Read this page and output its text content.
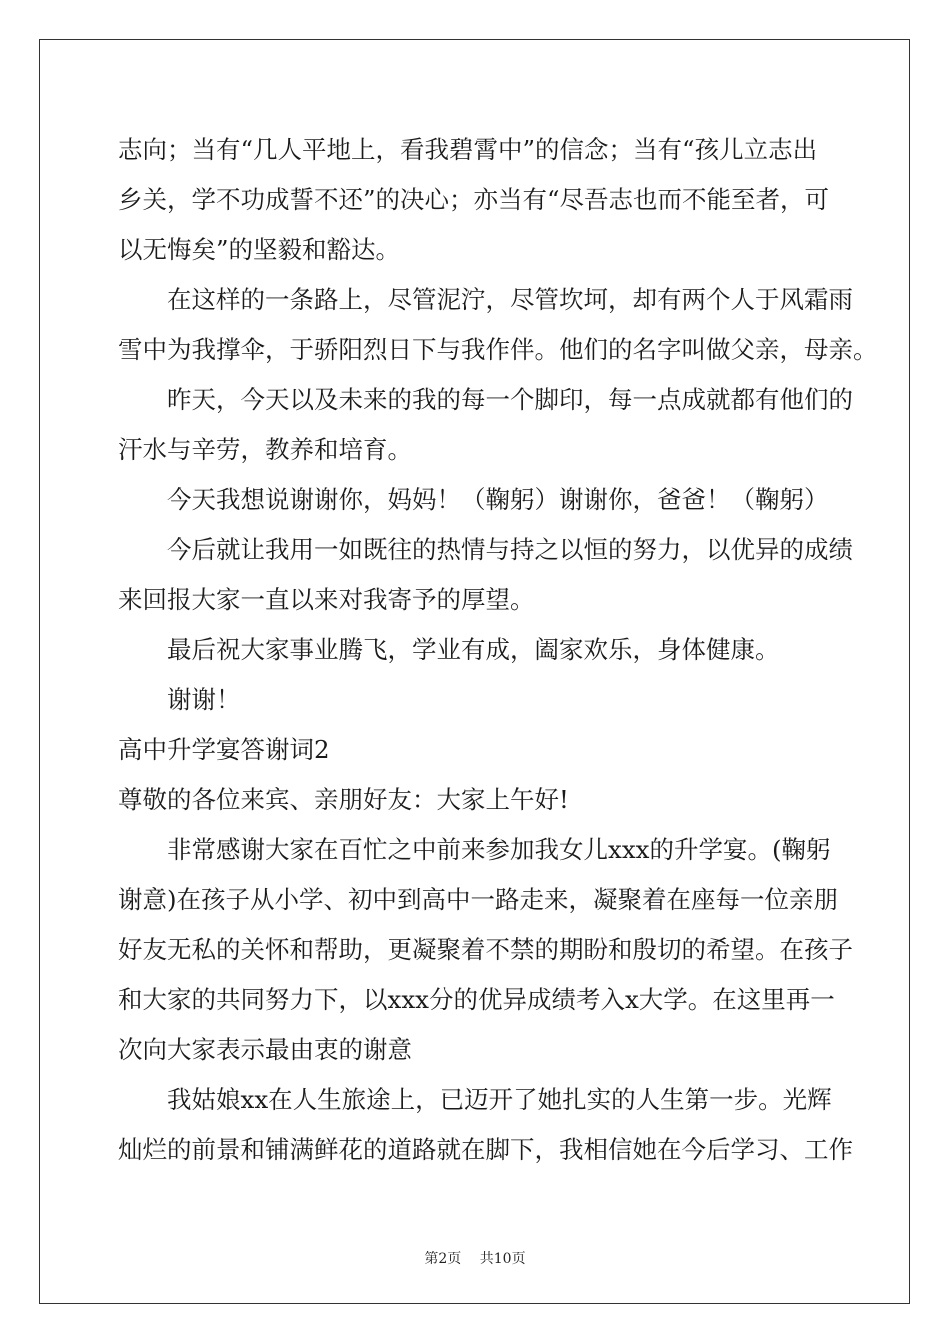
志向；当有“几人平地上，看我碧霄中”的信念；当有“孩儿立志出
乡关，学不功成誓不还”的决心；亦当有“尽吾志也而不能至者，可
以无悔矣”的坚毅和豁达。
在这样的一条路上，尽管泥泞，尽管坎坷，却有两个人于风霜雨
雪中为我撑伞，于骄阳烈日下与我作伴。他们的名字叫做父亲，母亲。
昨天，今天以及未来的我的每一个脚印，每一点成就都有他们的
汗水与辛劳，教养和培育。
今天我想说谢谢你，妈妈！（鞠躬）谢谢你，爸爸！（鞠躬）
今后就让我用一如既往的热情与持之以恒的努力，以优异的成绩
来回报大家一直以来对我寄予的厚望。
最后祝大家事业腾飞，学业有成，阖家欢乐，身体健康。
谢谢！
高中升学宴答谢词2
尊敬的各位来宾、亲朋好友：大家上午好!
非常感谢大家在百忙之中前来参加我女儿xxx的升学宴。(鞠躬
谢意)在孩子从小学、初中到高中一路走来，凝聚着在座每一位亲朋
好友无私的关怀和帮助，更凝聚着不禁的期盼和殷切的希望。在孩子
和大家的共同努力下，以xxx分的优异成绩考入x大学。在这里再一
次向大家表示最由衷的谢意
我姑娘xx在人生旅途上，已迈开了她扎实的人生第一步。光辉
灿烂的前景和铺满鲜花的道路就在脚下，我相信她在今后学习、工作
第2页 共10页
